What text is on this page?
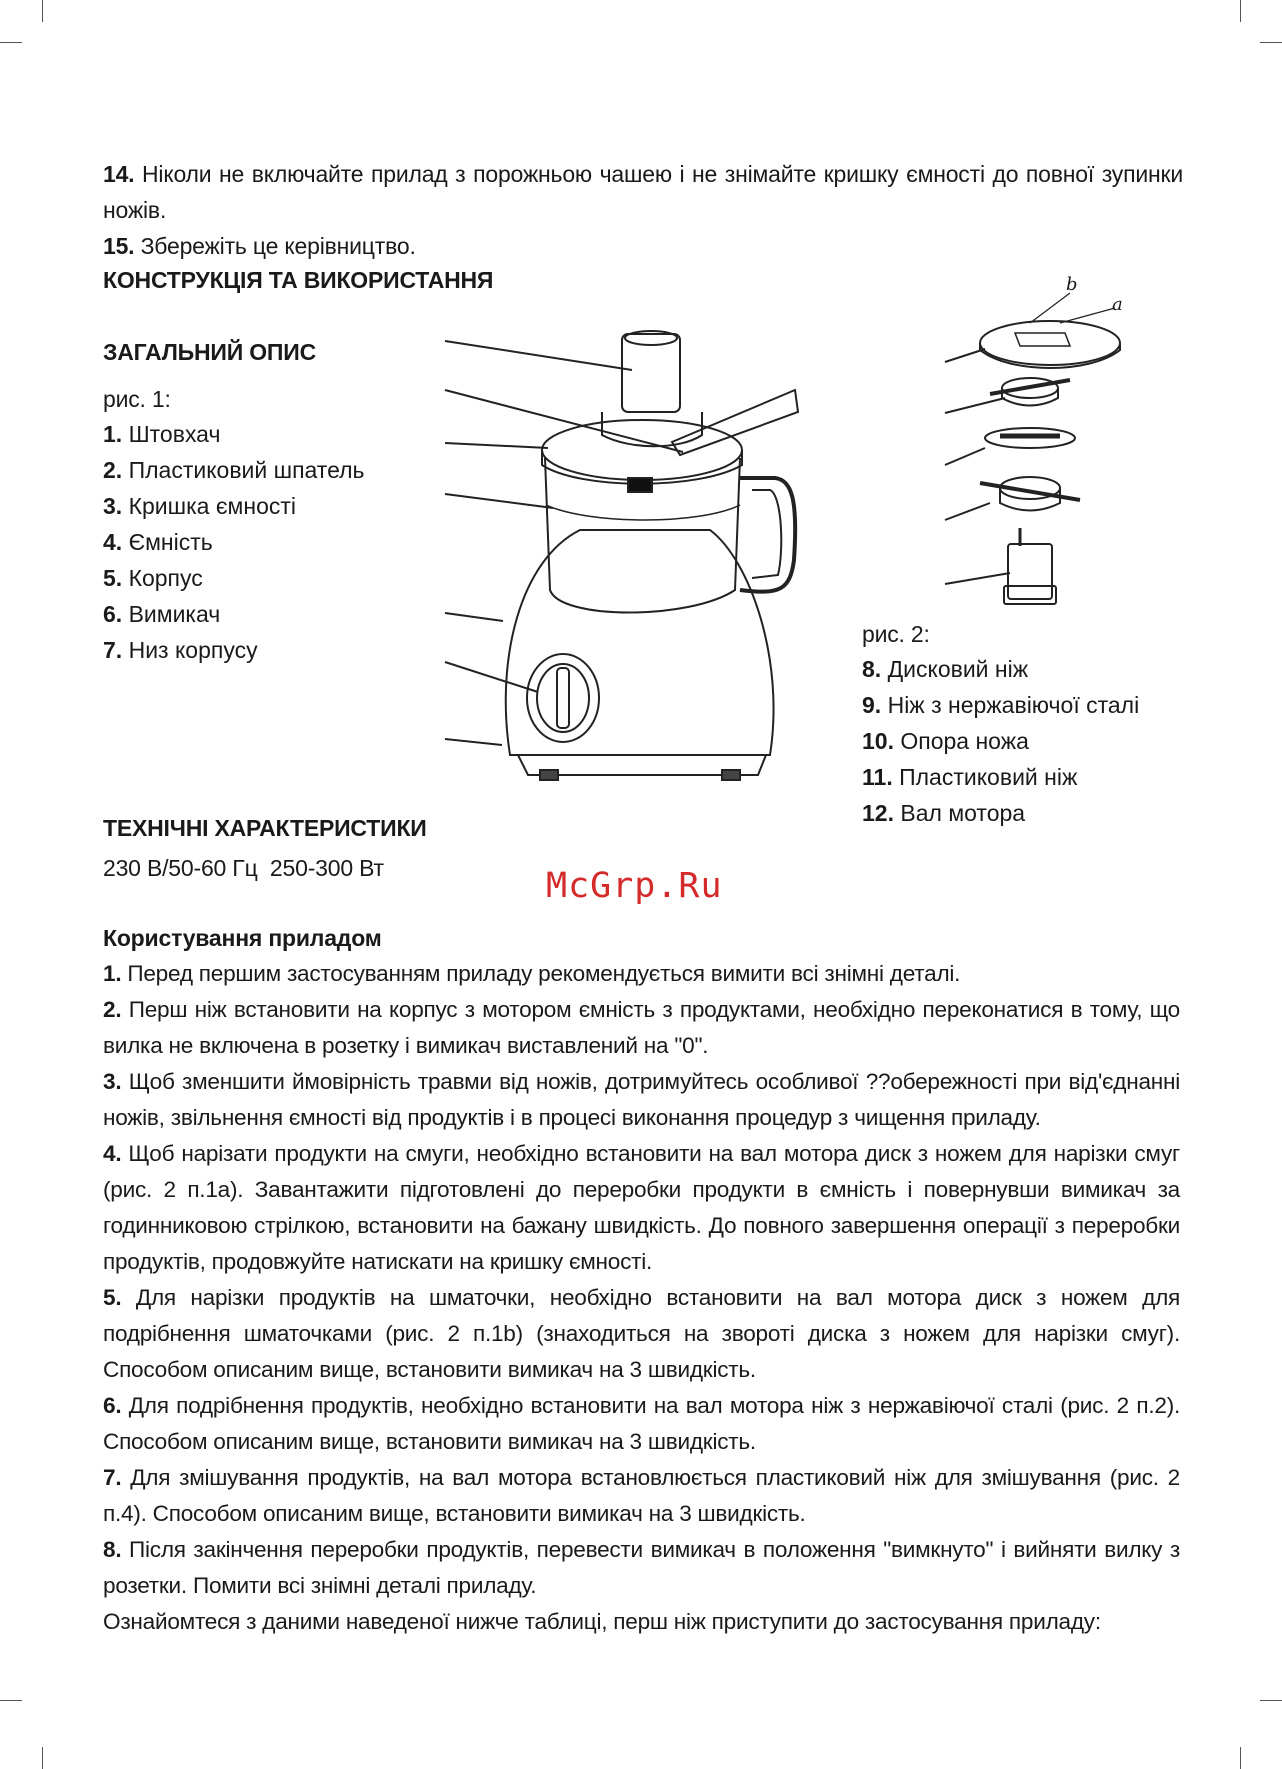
14. Ніколи не включайте прилад з порожньою чашею і не знімайте кришку ємності до повної зупинки ножів.
15. Збережіть це керівництво.
КОНСТРУКЦІЯ ТА ВИКОРИСТАННЯ
ЗАГАЛЬНИЙ ОПИС
рис. 1:
1. Штовхач
2. Пластиковий шпатель
3. Кришка ємності
4. Ємність
5. Корпус
6. Вимикач
7. Низ корпусу
b
a
рис. 2:
8. Дисковий ніж
9. Ніж з нержавіючої сталі
10. Опора ножа
11. Пластиковий ніж
12. Вал мотора
ТЕХНІЧНІ ХАРАКТЕРИСТИКИ
230 В/50-60 Гц  250-300 Вт	McGrp.Ru
Користування приладом
1. Перед першим застосуванням приладу рекомендується вимити всі знімні деталі.
2. Перш ніж встановити на корпус з мотором ємність з продуктами, необхідно переконатися в тому, що вилка не включена в розетку і вимикач виставлений на "0".
3. Щоб зменшити ймовірність травми від ножів, дотримуйтесь особливої ??обережності при від'єднанні ножів, звільнення ємності від продуктів і в процесі виконання процедур з чищення приладу.
4. Щоб нарізати продукти на смуги, необхідно встановити на вал мотора диск з ножем для нарізки смуг (рис. 2 п.1а). Завантажити підготовлені до переробки продукти в ємність і повернувши вимикач за годинниковою стрілкою, встановити на бажану швидкість. До повного завершення операції з переробки продуктів, продовжуйте натискати на кришку ємності.
5. Для нарізки продуктів на шматочки, необхідно встановити на вал мотора диск з ножем для подрібнення шматочками (рис. 2 п.1b) (знаходиться на звороті диска з ножем для нарізки смуг). Способом описаним вище, встановити вимикач на 3 швидкість.
6. Для подрібнення продуктів, необхідно встановити на вал мотора ніж з нержавіючої сталі (рис. 2 п.2). Способом описаним вище, встановити вимикач на 3 швидкість.
7. Для змішування продуктів, на вал мотора встановлюється пластиковий ніж для змішування (рис. 2 п.4). Способом описаним вище, встановити вимикач на 3 швидкість.
8. Після закінчення переробки продуктів, перевести вимикач в положення "вимкнуто" і вийняти вилку з розетки. Помити всі знімні деталі приладу.
Ознайомтеся з даними наведеної нижче таблиці, перш ніж приступити до застосування приладу:
